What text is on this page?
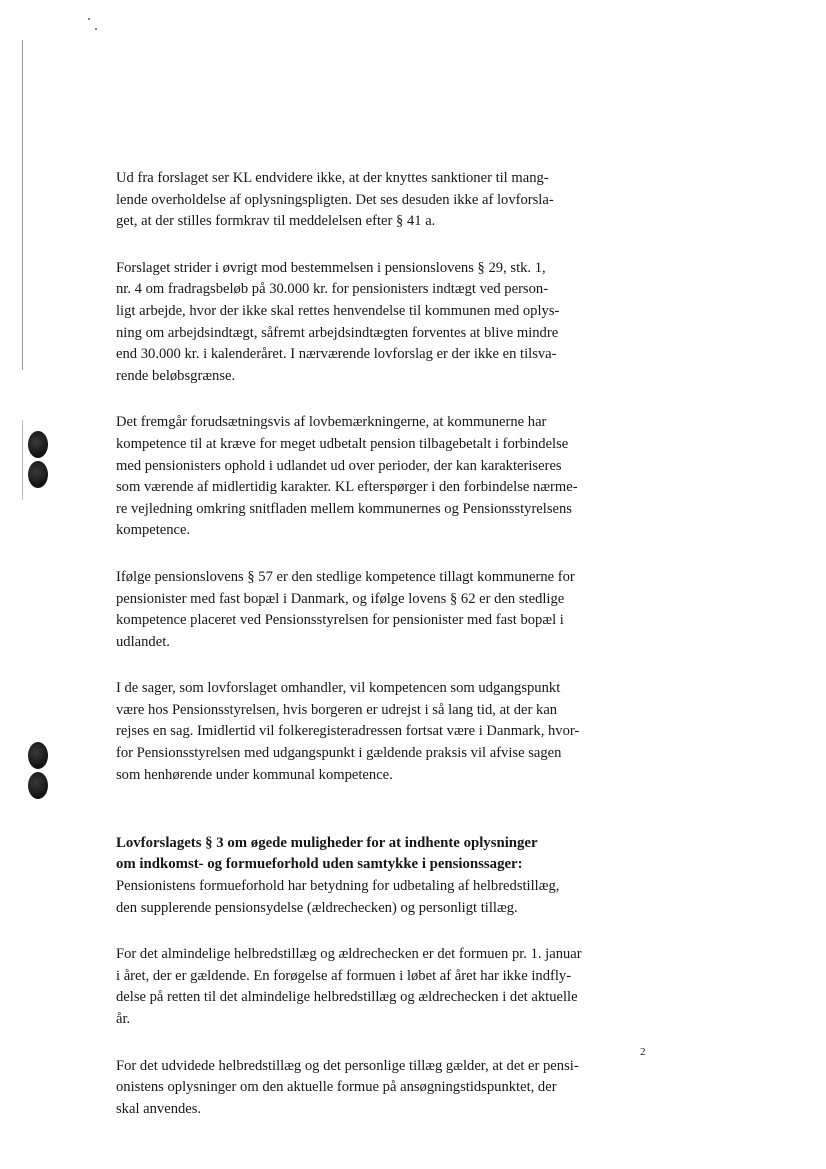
Ud fra forslaget ser KL endvidere ikke, at der knyttes sanktioner til mang-
lende overholdelse af oplysningspligten. Det ses desuden ikke af lovforsla-
get, at der stilles formkrav til meddelelsen efter § 41 a.

Forslaget strider i øvrigt mod bestemmelsen i pensionslovens § 29, stk. 1,
nr. 4 om fradragsbeløb på 30.000 kr. for pensionisters indtægt ved person-
ligt arbejde, hvor der ikke skal rettes henvendelse til kommunen med oplys-
ning om arbejdsindtægt, såfremt arbejdsindtægten forventes at blive mindre
end 30.000 kr. i kalenderåret. I nærværende lovforslag er der ikke en tilsva-
rende beløbsgrænse.

Det fremgår forudsætningsvis af lovbemærkningerne, at kommunerne har
kompetence til at kræve for meget udbetalt pension tilbagebetalt i forbindelse
med pensionisters ophold i udlandet ud over perioder, der kan karakteriseres
som værende af midlertidig karakter. KL efterspørger i den forbindelse nærme-
re vejledning omkring snitfladen mellem kommunernes og Pensionsstyrelsens
kompetence.

Ifølge pensionslovens § 57 er den stedlige kompetence tillagt kommunerne for
pensionister med fast bopæl i Danmark, og ifølge lovens § 62 er den stedlige
kompetence placeret ved Pensionsstyrelsen for pensionister med fast bopæl i
udlandet.

I de sager, som lovforslaget omhandler, vil kompetencen som udgangspunkt
være hos Pensionsstyrelsen, hvis borgeren er udrejst i så lang tid, at der kan
rejses en sag. Imidlertid vil folkeregisteradressen fortsat være i Danmark, hvor-
for Pensionsstyrelsen med udgangspunkt i gældende praksis vil afvise sagen
som henhørende under kommunal kompetence.

Lovforslagets § 3 om øgede muligheder for at indhente oplysninger
om indkomst- og formueforhold uden samtykke i pensionssager:
Pensionistens formueforhold har betydning for udbetaling af helbredstillæg,
den supplerende pensionsydelse (ældrechecken) og personligt tillæg.

For det almindelige helbredstillæg og ældrechecken er det formuen pr. 1. januar
i året, der er gældende. En forøgelse af formuen i løbet af året har ikke indfly-
delse på retten til det almindelige helbredstillæg og ældrechecken i det aktuelle
år.

For det udvidede helbredstillæg og det personlige tillæg gælder, at det er pensi-
onistens oplysninger om den aktuelle formue på ansøgningstidspunktet, der
skal anvendes.

2
